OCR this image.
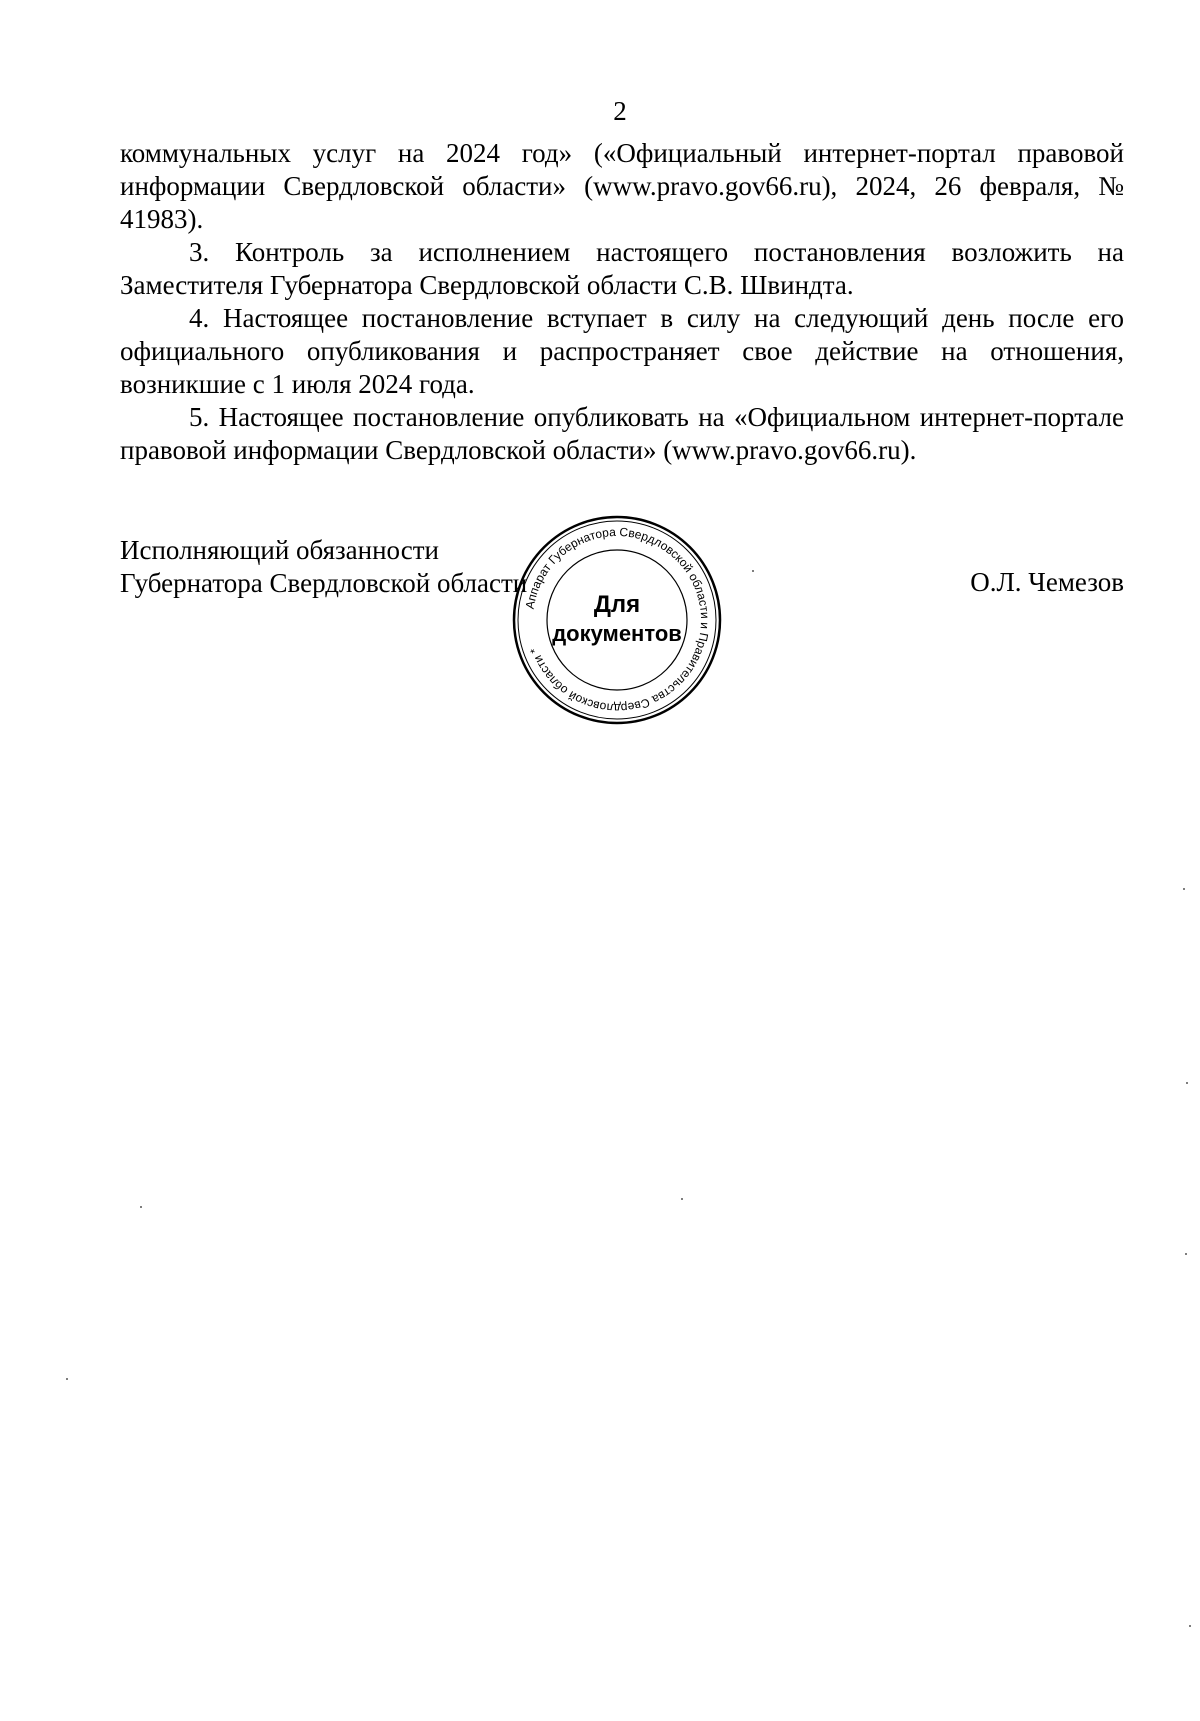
2

коммунальных услуг на 2024 год» («Официальный интернет-портал правовой информации Свердловской области» (www.pravo.gov66.ru), 2024, 26 февраля, № 41983).

3. Контроль за исполнением настоящего постановления возложить на Заместителя Губернатора Свердловской области С.В. Швиндта.

4. Настоящее постановление вступает в силу на следующий день после его официального опубликования и распространяет свое действие на отношения, возникшие с 1 июля 2024 года.

5. Настоящее постановление опубликовать на «Официальном интернет-портале правовой информации Свердловской области» (www.pravo.gov66.ru).

Исполняющий обязанности
Губернатора Свердловской области	О.Л. Чемезов
Аппарат Губернатора Свердловской области и Правительства Свердловской области *
Для
документов
